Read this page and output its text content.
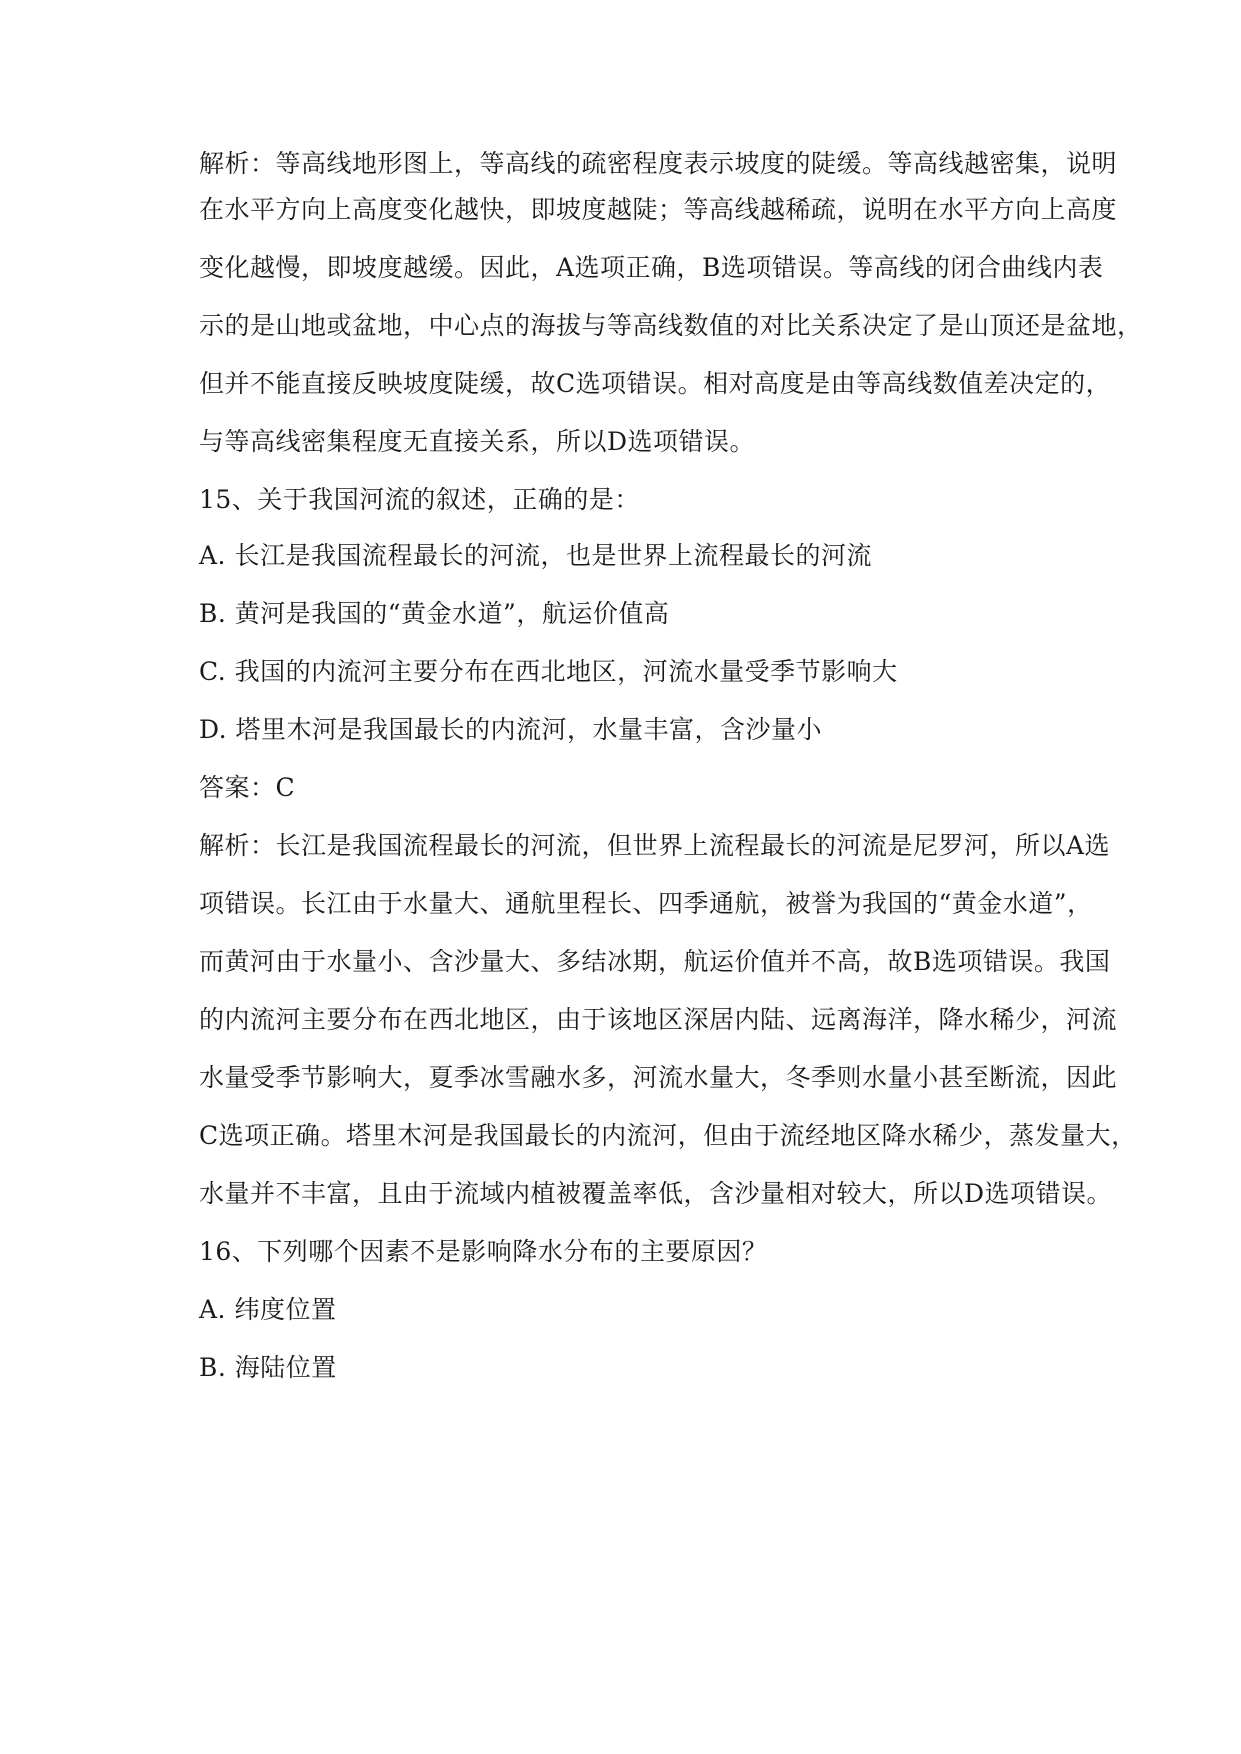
解析：等高线地形图上，等高线的疏密程度表示坡度的陡缓。等高线越密集，说明
在水平方向上高度变化越快，即坡度越陡；等高线越稀疏，说明在水平方向上高度
变化越慢，即坡度越缓。因此，A选项正确，B选项错误。等高线的闭合曲线内表
示的是山地或盆地，中心点的海拔与等高线数值的对比关系决定了是山顶还是盆地，
但并不能直接反映坡度陡缓，故C选项错误。相对高度是由等高线数值差决定的，
与等高线密集程度无直接关系，所以D选项错误。
15、关于我国河流的叙述，正确的是：
A. 长江是我国流程最长的河流，也是世界上流程最长的河流
B. 黄河是我国的“黄金水道”，航运价值高
C. 我国的内流河主要分布在西北地区，河流水量受季节影响大
D. 塔里木河是我国最长的内流河，水量丰富，含沙量小
答案：C
解析：长江是我国流程最长的河流，但世界上流程最长的河流是尼罗河，所以A选
项错误。长江由于水量大、通航里程长、四季通航，被誉为我国的“黄金水道”，
而黄河由于水量小、含沙量大、多结冰期，航运价值并不高，故B选项错误。我国
的内流河主要分布在西北地区，由于该地区深居内陆、远离海洋，降水稀少，河流
水量受季节影响大，夏季冰雪融水多，河流水量大，冬季则水量小甚至断流，因此
C选项正确。塔里木河是我国最长的内流河，但由于流经地区降水稀少，蒸发量大，
水量并不丰富，且由于流域内植被覆盖率低，含沙量相对较大，所以D选项错误。
16、下列哪个因素不是影响降水分布的主要原因？
A. 纬度位置
B. 海陆位置
